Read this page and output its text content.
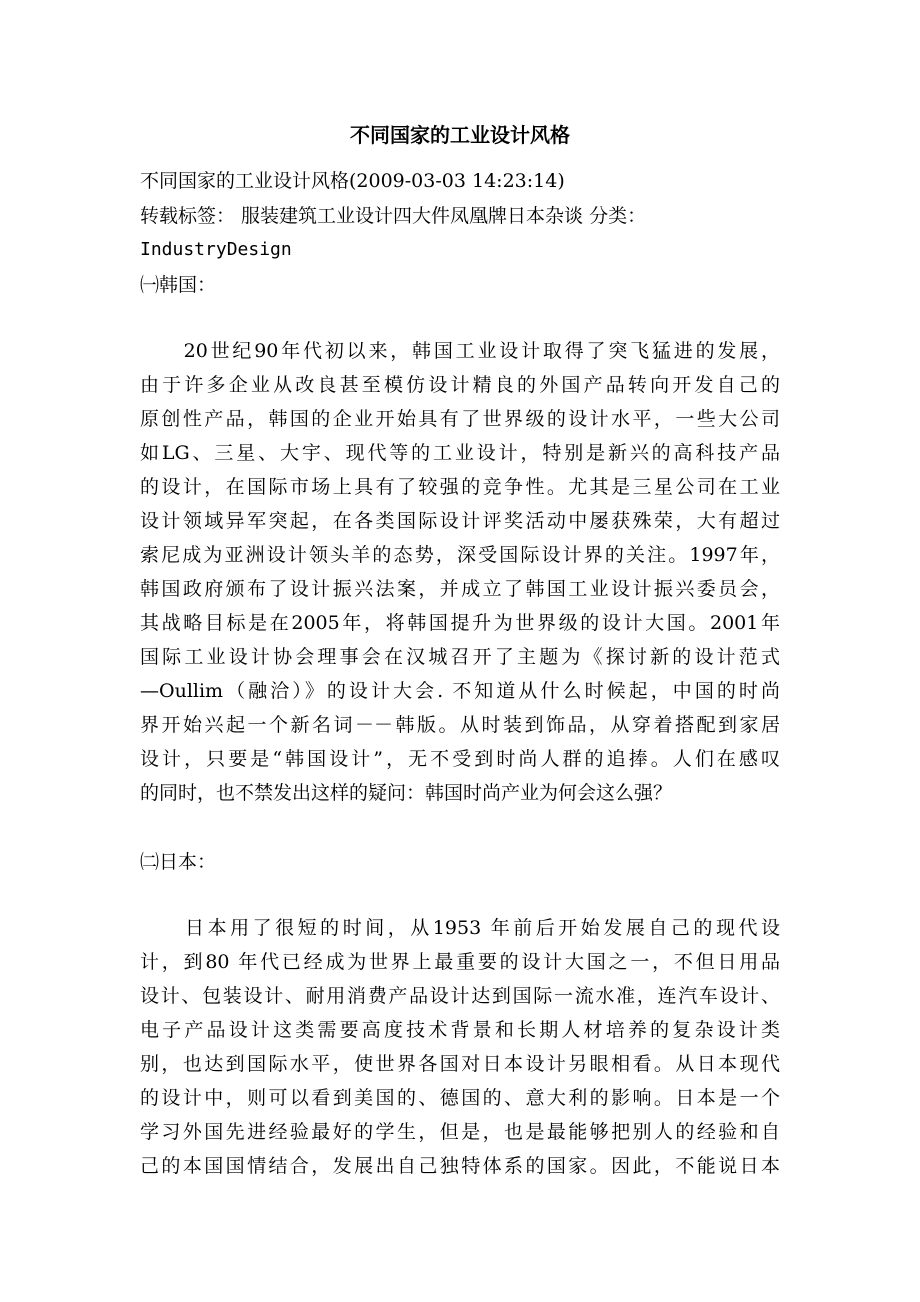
不同国家的工业设计风格
不同国家的工业设计风格(2009-03-03 14:23:14)
转载标签： 服装建筑工业设计四大件凤凰牌日本杂谈 分类：
IndustryDesign
㈠韩国：
　　20世纪90年代初以来，韩国工业设计取得了突飞猛进的发展，
由于许多企业从改良甚至模仿设计精良的外国产品转向开发自己的
原创性产品，韩国的企业开始具有了世界级的设计水平，一些大公司
如LG、三星、大宇、现代等的工业设计，特别是新兴的高科技产品
的设计，在国际市场上具有了较强的竞争性。尤其是三星公司在工业
设计领域异军突起，在各类国际设计评奖活动中屡获殊荣，大有超过
索尼成为亚洲设计领头羊的态势，深受国际设计界的关注。1997年，
韩国政府颁布了设计振兴法案，并成立了韩国工业设计振兴委员会，
其战略目标是在2005年，将韩国提升为世界级的设计大国。2001年
国际工业设计协会理事会在汉城召开了主题为《探讨新的设计范式
—Oullim（融洽）》的设计大会. 不知道从什么时候起，中国的时尚
界开始兴起一个新名词－－韩版。从时装到饰品，从穿着搭配到家居
设计，只要是“韩国设计”，无不受到时尚人群的追捧。人们在感叹
的同时，也不禁发出这样的疑问：韩国时尚产业为何会这么强？
㈡日本：
　　日本用了很短的时间，从1953 年前后开始发展自己的现代设
计，到80 年代已经成为世界上最重要的设计大国之一，不但日用品
设计、包装设计、耐用消费产品设计达到国际一流水准，连汽车设计、
电子产品设计这类需要高度技术背景和长期人材培养的复杂设计类
别，也达到国际水平，使世界各国对日本设计另眼相看。从日本现代
的设计中，则可以看到美国的、德国的、意大利的影响。日本是一个
学习外国先进经验最好的学生，但是，也是最能够把别人的经验和自
己的本国国情结合，发展出自己独特体系的国家。因此，不能说日本
